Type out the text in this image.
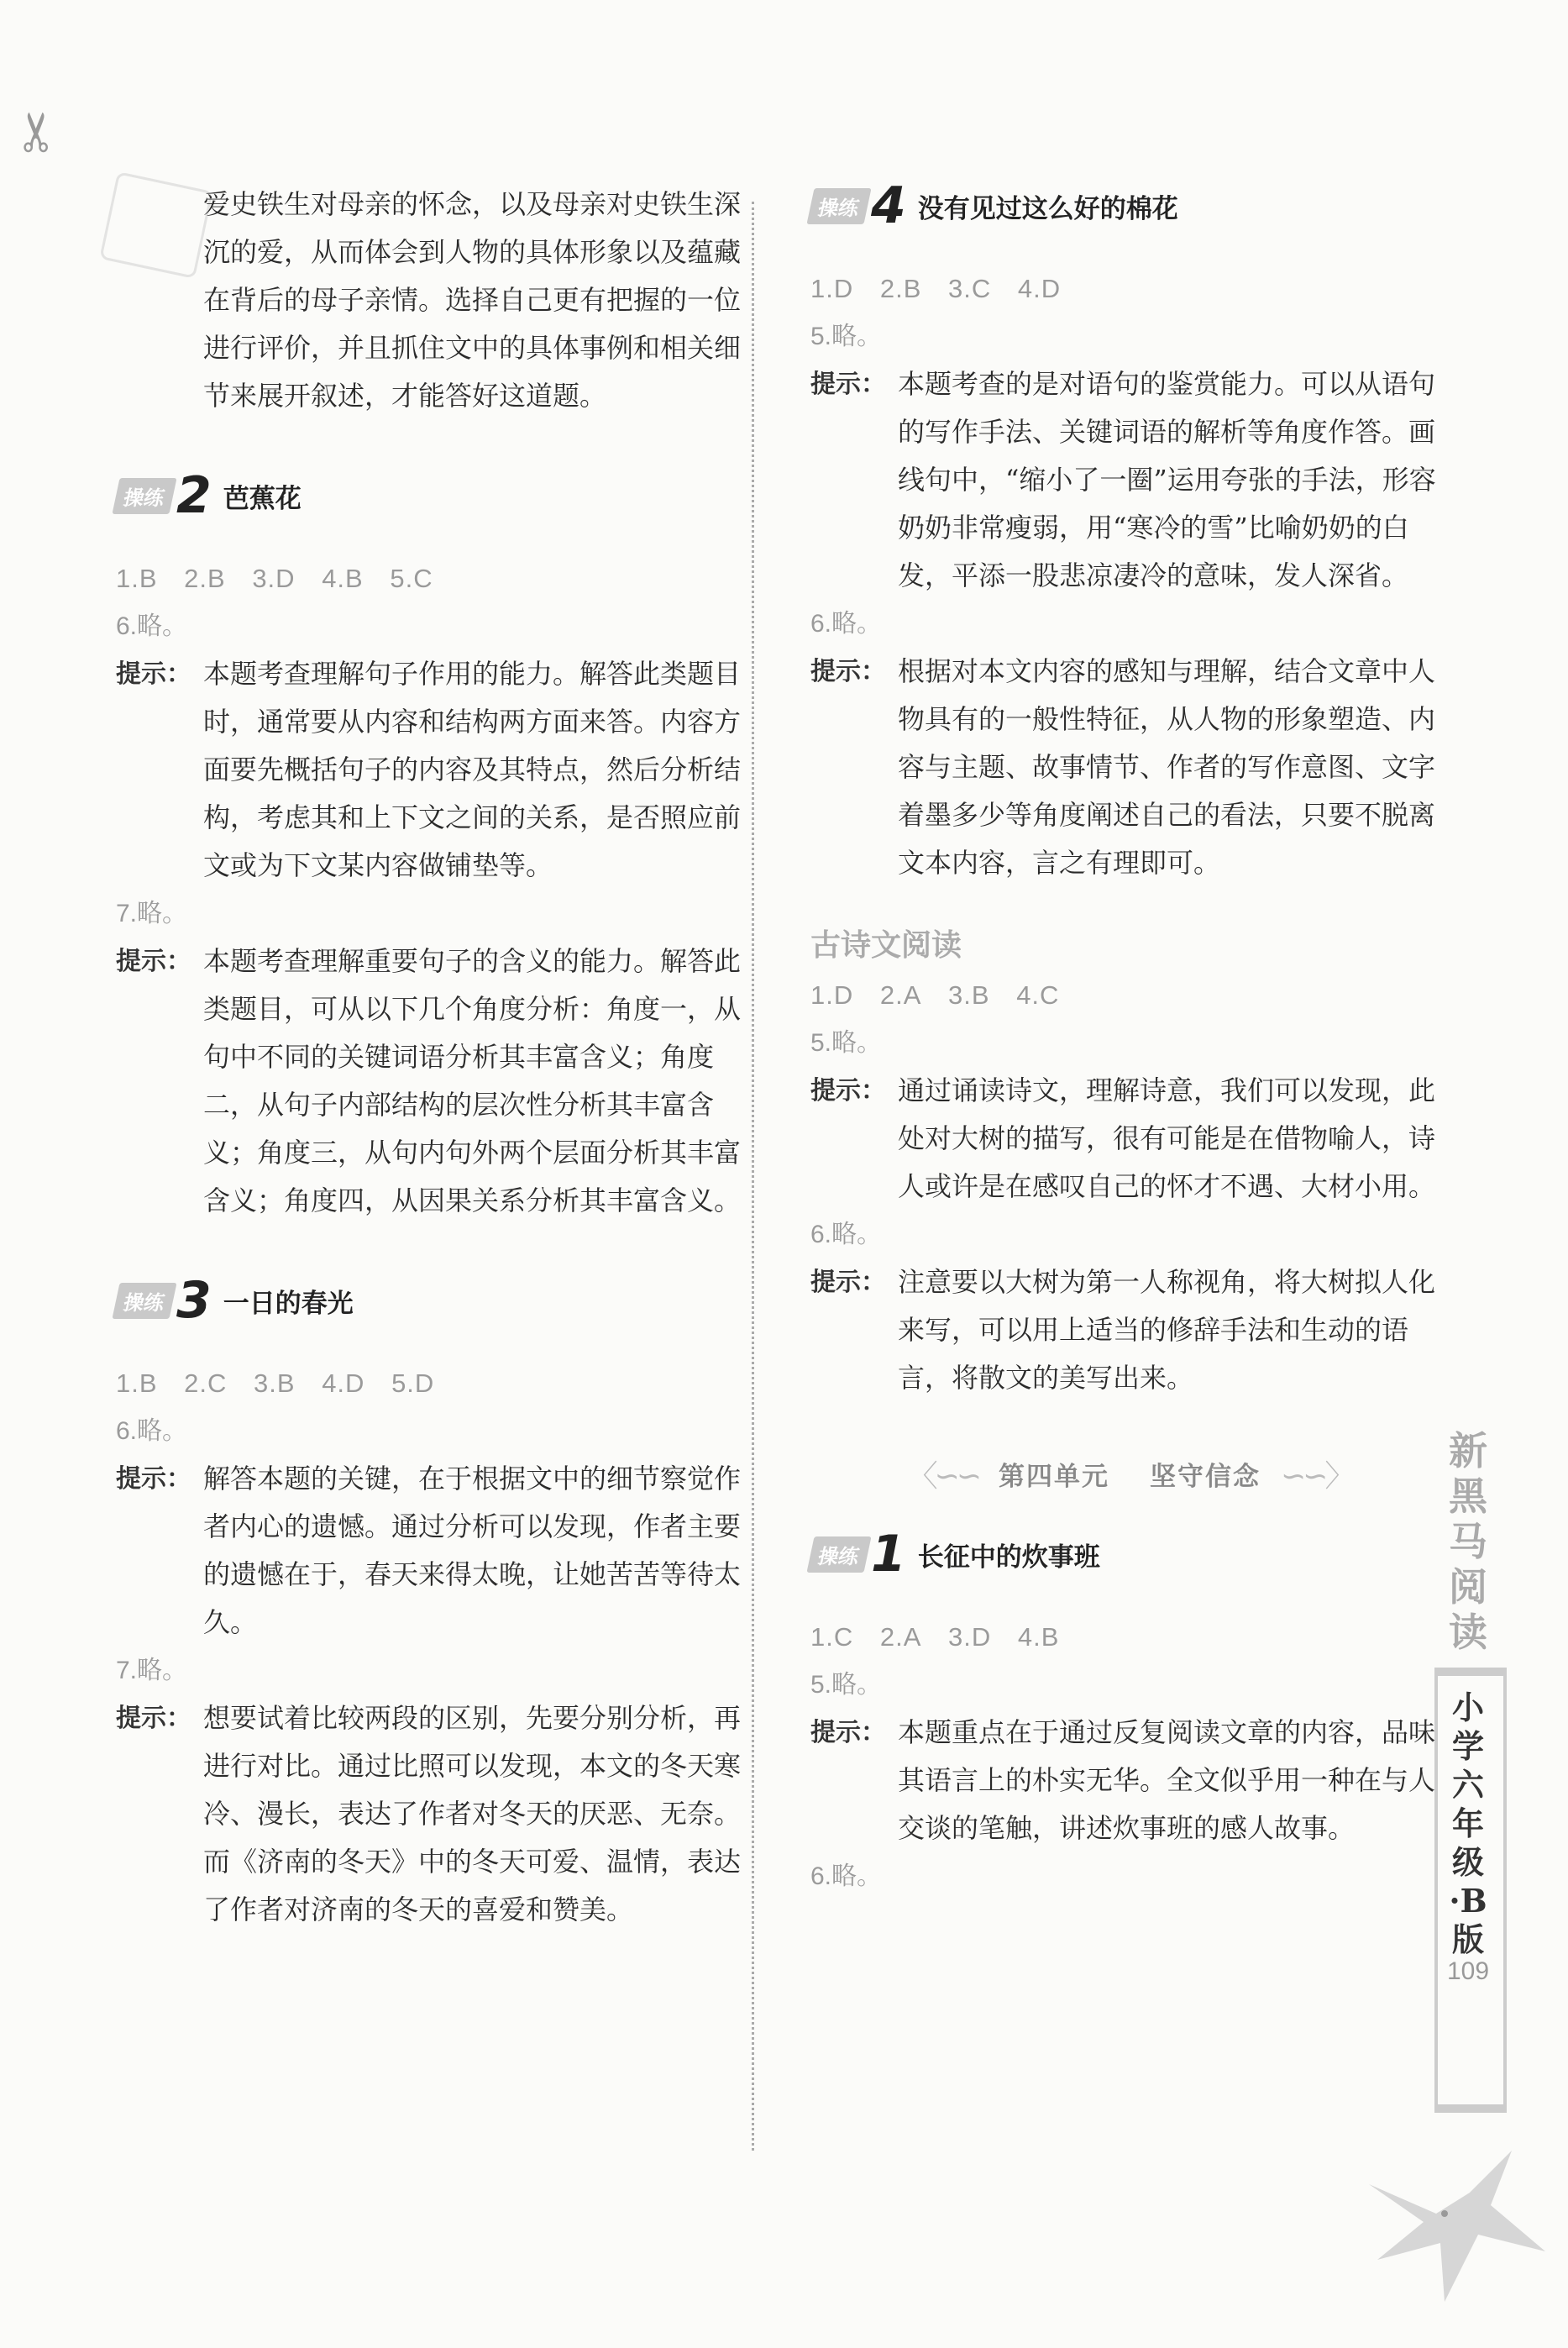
✂

爱史铁生对母亲的怀念，以及母亲对史铁生深沉的爱，从而体会到人物的具体形象以及蕴藏在背后的母子亲情。选择自己更有把握的一位进行评价，并且抓住文中的具体事例和相关细节来展开叙述，才能答好这道题。

操练 2 芭蕉花
1.B 2.B 3.D 4.B 5.C
6.略。
提示： 本题考查理解句子作用的能力。解答此类题目时，通常要从内容和结构两方面来答。内容方面要先概括句子的内容及其特点，然后分析结构，考虑其和上下文之间的关系，是否照应前文或为下文某内容做铺垫等。
7.略。
提示： 本题考查理解重要句子的含义的能力。解答此类题目，可从以下几个角度分析：角度一，从句中不同的关键词语分析其丰富含义；角度二，从句子内部结构的层次性分析其丰富含义；角度三，从句内句外两个层面分析其丰富含义；角度四，从因果关系分析其丰富含义。
操练 3 一日的春光
1.B 2.C 3.B 4.D 5.D
6.略。
提示： 解答本题的关键，在于根据文中的细节察觉作者内心的遗憾。通过分析可以发现，作者主要的遗憾在于，春天来得太晚，让她苦苦等待太久。
7.略。
提示： 想要试着比较两段的区别，先要分别分析，再进行对比。通过比照可以发现，本文的冬天寒冷、漫长，表达了作者对冬天的厌恶、无奈。而《济南的冬天》中的冬天可爱、温情，表达了作者对济南的冬天的喜爱和赞美。
操练 4 没有见过这么好的棉花
1.D 2.B 3.C 4.D
5.略。
提示： 本题考查的是对语句的鉴赏能力。可以从语句的写作手法、关键词语的解析等角度作答。画线句中，“缩小了一圈”运用夸张的手法，形容奶奶非常瘦弱，用“寒冷的雪”比喻奶奶的白发，平添一股悲凉凄冷的意味，发人深省。
6.略。
提示： 根据对本文内容的感知与理解，结合文章中人物具有的一般性特征，从人物的形象塑造、内容与主题、故事情节、作者的写作意图、文字着墨多少等角度阐述自己的看法，只要不脱离文本内容，言之有理即可。
古诗文阅读
1.D 2.A 3.B 4.C
5.略。
提示： 通过诵读诗文，理解诗意，我们可以发现，此处对大树的描写，很有可能是在借物喻人，诗人或许是在感叹自己的怀才不遇、大材小用。
6.略。
提示： 注意要以大树为第一人称视角，将大树拟人化来写，可以用上适当的修辞手法和生动的语言，将散文的美写出来。
〈∽∽ 第四单元 坚守信念 ∽∽〉
操练 1 长征中的炊事班
1.C 2.A 3.D 4.B
5.略。
提示： 本题重点在于通过反复阅读文章的内容，品味其语言上的朴实无华。全文似乎用一种在与人交谈的笔触，讲述炊事班的感人故事。
6.略。
新黑马阅读
小学六年级·B版
109
